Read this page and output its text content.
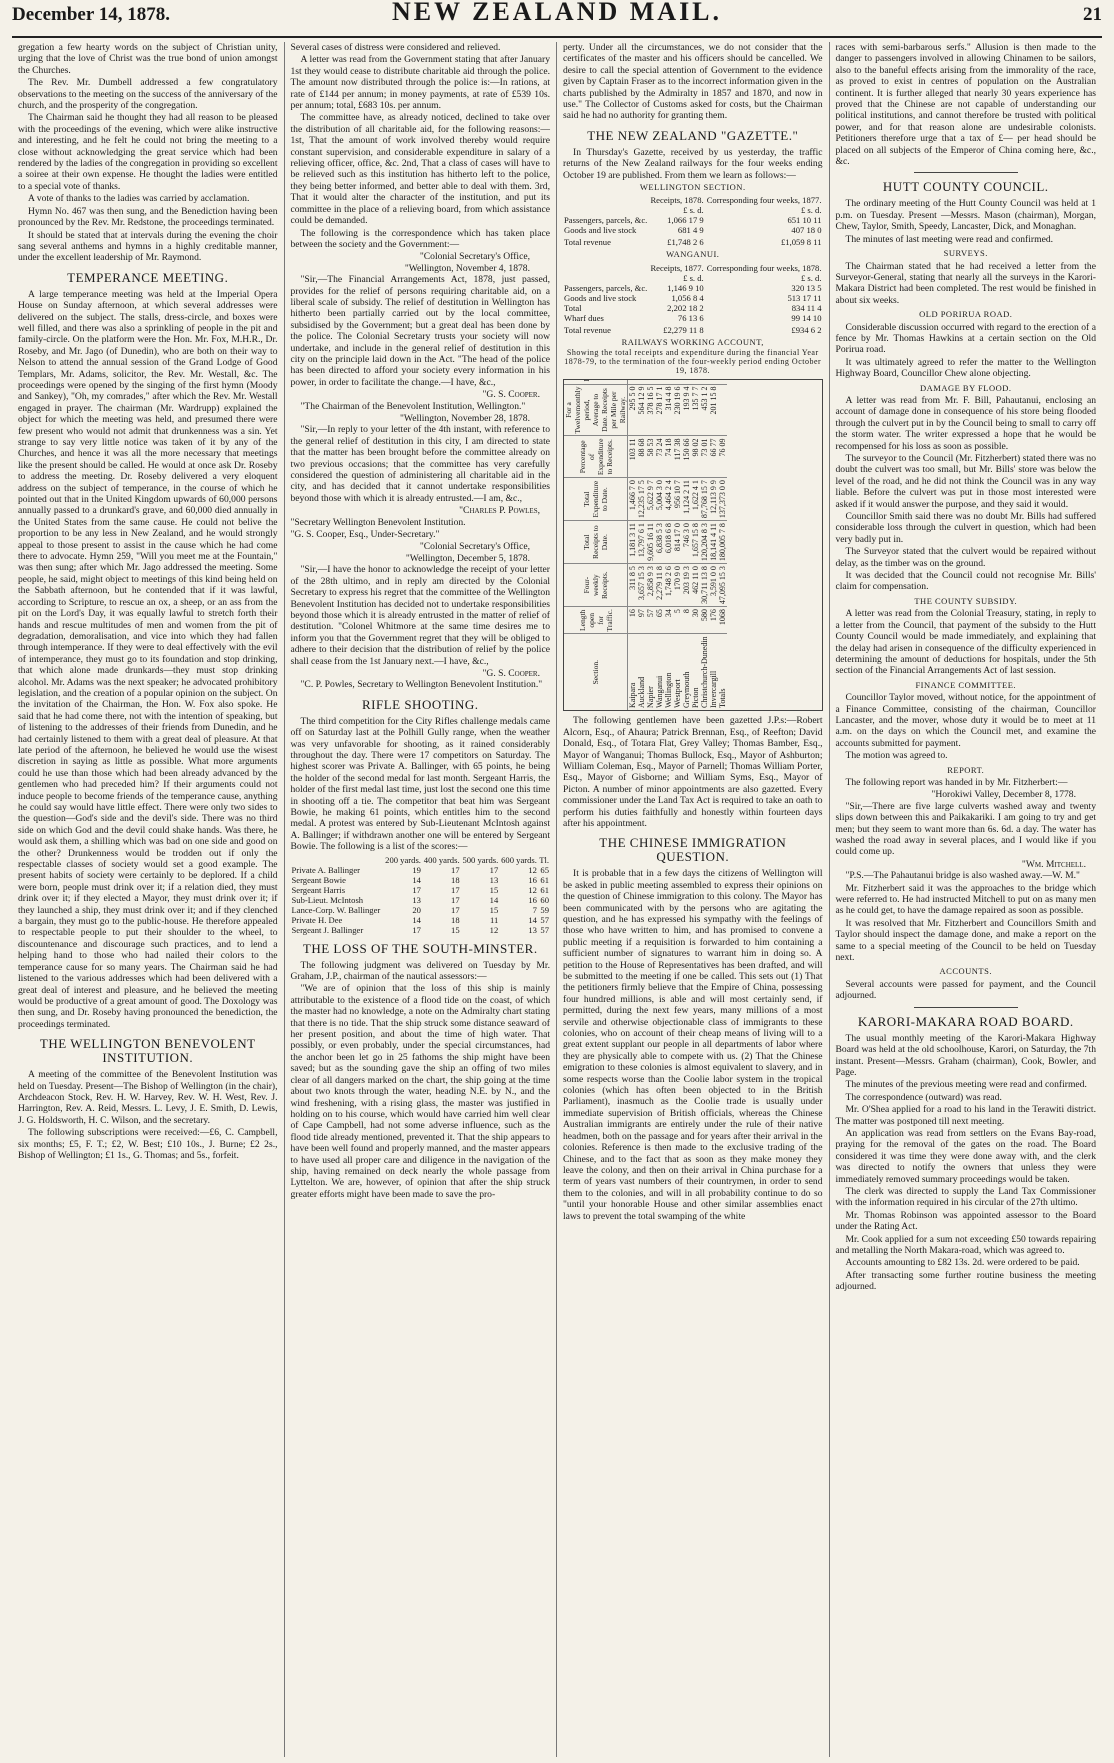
December 14, 1878.	NEW ZEALAND MAIL.	21

gregation a few hearty words on the subject of Christian unity, urging that the love of Christ was the true bond of union amongst the Churches.

The Rev. Mr. Dumbell addressed a few congratulatory observations to the meeting on the success of the anniversary of the church, and the prosperity of the congregation.

The Chairman said he thought they had all reason to be pleased with the proceedings of the evening, which were alike instructive and interesting, and he felt he could not bring the meeting to a close without acknowledging the great service which had been rendered by the ladies of the congregation in providing so excellent a soiree at their own expense. He thought the ladies were entitled to a special vote of thanks.

A vote of thanks to the ladies was carried by acclamation.

Hymn No. 467 was then sung, and the Benediction having been pronounced by the Rev. Mr. Redstone, the proceedings terminated.

It should be stated that at intervals during the evening the choir sang several anthems and hymns in a highly creditable manner, under the excellent leadership of Mr. Raymond.

TEMPERANCE MEETING.

A large temperance meeting was held at the Imperial Opera House on Sunday afternoon, at which several addresses were delivered on the subject. The stalls, dress-circle, and boxes were well filled, and there was also a sprinkling of people in the pit and family-circle. On the platform were the Hon. Mr. Fox, M.H.R., Dr. Roseby, and Mr. Jago (of Dunedin), who are both on their way to Nelson to attend the annual session of the Grand Lodge of Good Templars, Mr. Adams, solicitor, the Rev. Mr. Westall, &c. The proceedings were opened by the singing of the first hymn (Moody and Sankey), "Oh, my comrades," after which the Rev. Mr. Westall engaged in prayer. The chairman (Mr. Wardrupp) explained the object for which the meeting was held, and presumed there were few present who would not admit that drunkenness was a sin. Yet strange to say very little notice was taken of it by any of the Churches, and hence it was all the more necessary that meetings like the present should be called. He would at once ask Dr. Roseby to address the meeting. Dr. Roseby delivered a very eloquent address on the subject of temperance, in the course of which he pointed out that in the United Kingdom upwards of 60,000 persons annually passed to a drunkard's grave, and 60,000 died annually in the United States from the same cause. He could not belive the proportion to be any less in New Zealand, and he would strongly appeal to those present to assist in the cause which he had come there to advocate. Hymn 259, "Will you meet me at the Fountain," was then sung; after which Mr. Jago addressed the meeting. Some people, he said, might object to meetings of this kind being held on the Sabbath afternoon, but he contended that if it was lawful, according to Scripture, to rescue an ox, a sheep, or an ass from the pit on the Lord's Day, it was equally lawful to stretch forth their hands and rescue multitudes of men and women from the pit of degradation, demoralisation, and vice into which they had fallen through intemperance. If they were to deal effectively with the evil of intemperance, they must go to its foundation and stop drinking, that which alone made drunkards—they must stop drinking alcohol. Mr. Adams was the next speaker; he advocated prohibitory legislation, and the creation of a popular opinion on the subject. On the invitation of the Chairman, the Hon. W. Fox also spoke. He said that he had come there, not with the intention of speaking, but of listening to the addresses of their friends from Dunedin, and he had certainly listened to them with a great deal of pleasure. At that late period of the afternoon, he believed he would use the wisest discretion in saying as little as possible. What more arguments could he use than those which had been already advanced by the gentlemen who had preceded him? If their arguments could not induce people to become friends of the temperance cause, anything he could say would have little effect. There were only two sides to the question—God's side and the devil's side. There was no third side on which God and the devil could shake hands. Was there, he would ask them, a shilling which was bad on one side and good on the other? Drunkenness would be trodden out if only the respectable classes of society would set a good example. The present habits of society were certainly to be deplored. If a child were born, people must drink over it; if a relation died, they must drink over it; if they elected a Mayor, they must drink over it; if they launched a ship, they must drink over it; and if they clenched a bargain, they must go to the public-house. He therefore appealed to respectable people to put their shoulder to the wheel, to discountenance and discourage such practices, and to lend a helping hand to those who had nailed their colors to the temperance cause for so many years. The Chairman said he had listened to the various addresses which had been delivered with a great deal of interest and pleasure, and he believed the meeting would be productive of a great amount of good. The Doxology was then sung, and Dr. Roseby having pronounced the benediction, the proceedings terminated.

THE WELLINGTON BENEVOLENT INSTITUTION.

A meeting of the committee of the Benevolent Institution was held on Tuesday. Present—The Bishop of Wellington (in the chair), Archdeacon Stock, Rev. H. W. Harvey, Rev. W. H. West, Rev. J. Harrington, Rev. A. Reid, Messrs. L. Levy, J. E. Smith, D. Lewis, J. G. Holdsworth, H. C. Wilson, and the secretary.

The following subscriptions were received:—£6, C. Campbell, six months; £5, F. T.; £2, W. Best; £10 10s., J. Burne; £2 2s., Bishop of Wellington; £1 1s., G. Thomas; and 5s., forfeit.

Several cases of distress were considered and relieved.

A letter was read from the Government stating that after January 1st they would cease to distribute charitable aid through the police. The amount now distributed through the police is:—In rations, at rate of £144 per annum; in money payments, at rate of £539 10s. per annum; total, £683 10s. per annum.

The committee have, as already noticed, declined to take over the distribution of all charitable aid, for the following reasons:—1st, That the amount of work involved thereby would require constant supervision, and considerable expenditure in salary of a relieving officer, office, &c. 2nd, That a class of cases will have to be relieved such as this institution has hitherto left to the police, they being better informed, and better able to deal with them. 3rd, That it would alter the character of the institution, and put its committee in the place of a relieving board, from which assistance could be demanded.

The following is the correspondence which has taken place between the society and the Government:—

"Colonial Secretary's Office,
"Wellington, November 4, 1878.

"Sir,—The Financial Arrangements Act, 1878, just passed, provides for the relief of persons requiring charitable aid, on a liberal scale of subsidy. The relief of destitution in Wellington has hitherto been partially carried out by the local committee, subsidised by the Government; but a great deal has been done by the police. The Colonial Secretary trusts your society will now undertake, and include in the general relief of destitution in this city on the principle laid down in the Act. "The head of the police has been directed to afford your society every information in his power, in order to facilitate the change.—I have, &c.,

"G. S. Cooper.

"The Chairman of the Benevolent Institution, Wellington."

"Wellington, November 28, 1878.

"Sir,—In reply to your letter of the 4th instant, with reference to the general relief of destitution in this city, I am directed to state that the matter has been brought before the committee already on two previous occasions; that the committee has very carefully considered the question of administering all charitable aid in the city, and has decided that it cannot undertake responsibilities beyond those with which it is already entrusted.—I am, &c.,

"Charles P. Powles,

"Secretary Wellington Benevolent Institution.

"G. S. Cooper, Esq., Under-Secretary."

"Colonial Secretary's Office,
"Wellington, December 5, 1878.

"Sir,—I have the honor to acknowledge the receipt of your letter of the 28th ultimo, and in reply am directed by the Colonial Secretary to express his regret that the committee of the Wellington Benevolent Institution has decided not to undertake responsibilities beyond those which it is already entrusted in the matter of relief of destitution. "Colonel Whitmore at the same time desires me to inform you that the Government regret that they will be obliged to adhere to their decision that the distribution of relief by the police shall cease from the 1st January next.—I have, &c.,

"G. S. Cooper.

"C. P. Powles, Secretary to Wellington Benevolent Institution."

RIFLE SHOOTING.

The third competition for the City Rifles challenge medals came off on Saturday last at the Polhill Gully range, when the weather was very unfavorable for shooting, as it rained considerably throughout the day. There were 17 competitors on Saturday. The highest scorer was Private A. Ballinger, with 65 points, he being the holder of the second medal for last month. Sergeant Harris, the holder of the first medal last time, just lost the second one this time in shooting off a tie. The competitor that beat him was Sergeant Bowie, he making 61 points, which entitles him to the second medal. A protest was entered by Sub-Lieutenant McIntosh against A. Ballinger; if withdrawn another one will be entered by Sergeant Bowie. The following is a list of the scores:—

	200 yards.	400 yards.	500 yards.	600 yards.	Tl.
Private A. Ballinger	19	17	17	12	65
Sergeant Bowie	14	18	13	16	61
Sergeant Harris	17	17	15	12	61
Sub-Lieut. McIntosh	13	17	14	16	60
Lance-Corp. W. Ballinger	20	17	15	7	59
Private H. Dee	14	18	11	14	57
Sergeant J. Ballinger	17	15	12	13	57
THE LOSS OF THE SOUTH-MINSTER.

The following judgment was delivered on Tuesday by Mr. Graham, J.P., chairman of the nautical assessors:—

"We are of opinion that the loss of this ship is mainly attributable to the existence of a flood tide on the coast, of which the master had no knowledge, a note on the Admiralty chart stating that there is no tide. That the ship struck some distance seaward of her present position, and about the time of high water. That possibly, or even probably, under the special circumstances, had the anchor been let go in 25 fathoms the ship might have been saved; but as the sounding gave the ship an offing of two miles clear of all dangers marked on the chart, the ship going at the time about two knots through the water, heading N.E. by N., and the wind freshening, with a rising glass, the master was justified in holding on to his course, which would have carried him well clear of Cape Campbell, had not some adverse influence, such as the flood tide already mentioned, prevented it. That the ship appears to have been well found and properly manned, and the master appears to have used all proper care and diligence in the navigation of the ship, having remained on deck nearly the whole passage from Lyttelton. We are, however, of opinion that after the ship struck greater efforts might have been made to save the pro-

perty. Under all the circumstances, we do not consider that the certificates of the master and his officers should be cancelled. We desire to call the special attention of Government to the evidence given by Captain Fraser as to the incorrect information given in the charts published by the Admiralty in 1857 and 1870, and now in use." The Collector of Customs asked for costs, but the Chairman said he had no authority for granting them.

THE NEW ZEALAND "GAZETTE."

In Thursday's Gazette, received by us yesterday, the traffic returns of the New Zealand railways for the four weeks ending October 19 are published. From them we learn as follows:—

WELLINGTON SECTION.
	Receipts, 1878.	Corresponding four weeks, 1877.
	£ s. d.	£ s. d.
Passengers, parcels, &c.	1,066 17 9	651 10 11
Goods and live stock	681 4 9	407 18 0
Total revenue	£1,748 2 6	£1,059 8 11
WANGANUI.
	Receipts, 1877.	Corresponding four weeks, 1878.
	£ s. d.	£ s. d.
Passengers, parcels, &c.	1,146 9 10	320 13 5
Goods and live stock	1,056 8 4	513 17 11
Total	2,202 18 2	834 11 4
Wharf dues	76 13 6	99 14 10
Total revenue	£2,279 11 8	£934 6 2
RAILWAYS WORKING ACCOUNT,
Showing the total receipts and expenditure during the financial Year 1878-79, to the termination of the four-weekly period ending October 19, 1878.
Section.	Length open for Traffic.	Four-weekly Receipts.	Total Receipts to Date.	Total Expenditure to Date.	Percentage of Expenditure to Receipts.	For a Twelvemonthly period, Average to Date. Receipts per Mile per Railway.	
Kaipara	16	311 8 5	1,181 3 11	1,466 7 0	103 11	295 5 0	
Auckland	97	3,657 15 3	13,797 6 1	12,235 17 5	88 68	564 12 9	
Napier	57	2,858 9 3	9,605 16 11	5,622 9 7	58 53	378 16 5	
Wanganui	65	2,279 11 8	6,838 5 3	5,004 3 0	73 24	278 17 1	
Wellington	34	1,748 2 6	6,018 6 8	4,464 2 4	74 18	314 4 8	
Westport	5	170 9 0	814 17 0	956 10 7	117 38	230 19 6	
Greymouth	8	203 19 3	746 3 0	1,124 2 11	150 66	193 9 4	
Picton	30	462 11 0	1,657 15 8	1,622 4 1	98 02	135 7 7	
Christchurch-Dunedin	580	30,711 13 8	120,204 8 3	87,768 15 7	73 01	453 1 2	
Invercargill	176	3,591 0 0	18,141 4 11	12,113 9 9	66 77	201 15 8	
Totals	1068	47,095 15 3	180,005 7 8	137,373 0 0	76 09		

The following gentlemen have been gazetted J.P.s:—Robert Alcorn, Esq., of Ahaura; Patrick Brennan, Esq., of Reefton; David Donald, Esq., of Totara Flat, Grey Valley; Thomas Bamber, Esq., Mayor of Wanganui; Thomas Bullock, Esq., Mayor of Ashburton; William Coleman, Esq., Mayor of Parnell; Thomas William Porter, Esq., Mayor of Gisborne; and William Syms, Esq., Mayor of Picton. A number of minor appointments are also gazetted. Every commissioner under the Land Tax Act is required to take an oath to perform his duties faithfully and honestly within fourteen days after his appointment.

THE CHINESE IMMIGRATION QUESTION.

It is probable that in a few days the citizens of Wellington will be asked in public meeting assembled to express their opinions on the question of Chinese immigration to this colony. The Mayor has been communicated with by the persons who are agitating the question, and he has expressed his sympathy with the feelings of those who have written to him, and has promised to convene a public meeting if a requisition is forwarded to him containing a sufficient number of signatures to warrant him in doing so. A petition to the House of Representatives has been drafted, and will be submitted to the meeting if one be called. This sets out (1) That the petitioners firmly believe that the Empire of China, possessing four hundred millions, is able and will most certainly send, if permitted, during the next few years, many millions of a most servile and otherwise objectionable class of immigrants to these colonies, who on account of their cheap means of living will to a great extent supplant our people in all departments of labor where they are physically able to compete with us. (2) That the Chinese emigration to these colonies is almost equivalent to slavery, and in some respects worse than the Coolie labor system in the tropical colonies (which has often been objected to in the British Parliament), inasmuch as the Coolie trade is usually under immediate supervision of British officials, whereas the Chinese Australian immigrants are entirely under the rule of their native headmen, both on the passage and for years after their arrival in the colonies. Reference is then made to the exclusive trading of the Chinese, and to the fact that as soon as they make money they leave the colony, and then on their arrival in China purchase for a term of years vast numbers of their countrymen, in order to send them to the colonies, and will in all probability continue to do so "until your honorable House and other similar assemblies enact laws to prevent the total swamping of the white

races with semi-barbarous serfs." Allusion is then made to the danger to passengers involved in allowing Chinamen to be sailors, also to the baneful effects arising from the immorality of the race, as proved to exist in centres of population on the Australian continent. It is further alleged that nearly 30 years experience has proved that the Chinese are not capable of understanding our political institutions, and cannot therefore be trusted with political power, and for that reason alone are undesirable colonists. Petitioners therefore urge that a tax of £— per head should be placed on all subjects of the Emperor of China coming here, &c., &c.

HUTT COUNTY COUNCIL.

The ordinary meeting of the Hutt County Council was held at 1 p.m. on Tuesday. Present —Messrs. Mason (chairman), Morgan, Chew, Taylor, Smith, Speedy, Lancaster, Dick, and Monaghan.

The minutes of last meeting were read and confirmed.

SURVEYS.

The Chairman stated that he had received a letter from the Surveyor-General, stating that nearly all the surveys in the Karori-Makara District had been completed. The rest would be finished in about six weeks.

OLD PORIRUA ROAD.

Considerable discussion occurred with regard to the erection of a fence by Mr. Thomas Hawkins at a certain section on the Old Porirua road.

It was ultimately agreed to refer the matter to the Wellington Highway Board, Councillor Chew alone objecting.

DAMAGE BY FLOOD.

A letter was read from Mr. F. Bill, Pahautanui, enclosing an account of damage done in consequence of his store being flooded through the culvert put in by the Council being to small to carry off the storm water. The writer expressed a hope that he would be recompensed for his loss as soon as possible.

The surveyor to the Council (Mr. Fitzherbert) stated there was no doubt the culvert was too small, but Mr. Bills' store was below the level of the road, and he did not think the Council was in any way liable. Before the culvert was put in those most interested were asked if it would answer the purpose, and they said it would.

Councillor Smith said there was no doubt Mr. Bills had suffered considerable loss through the culvert in question, which had been very badly put in.

The Surveyor stated that the culvert would be repaired without delay, as the timber was on the ground.

It was decided that the Council could not recognise Mr. Bills' claim for compensation.

THE COUNTY SUBSIDY.

A letter was read from the Colonial Treasury, stating, in reply to a letter from the Council, that payment of the subsidy to the Hutt County Council would be made immediately, and explaining that the delay had arisen in consequence of the difficulty experienced in determining the amount of deductions for hospitals, under the 5th section of the Financial Arrangements Act of last session.

FINANCE COMMITTEE.

Councillor Taylor moved, without notice, for the appointment of a Finance Committee, consisting of the chairman, Councillor Lancaster, and the mover, whose duty it would be to meet at 11 a.m. on the days on which the Council met, and examine the accounts submitted for payment.

The motion was agreed to.

REPORT.

The following report was handed in by Mr. Fitzherbert:—

"Horokiwi Valley, December 8, 1778.

"Sir,—There are five large culverts washed away and twenty slips down between this and Paikakariki. I am going to try and get men; but they seem to want more than 6s. 6d. a day. The water has washed the road away in several places, and I would like if you could come up.

"Wm. Mitchell.

"P.S.—The Pahautanui bridge is also washed away.—W. M."

Mr. Fitzherbert said it was the approaches to the bridge which were referred to. He had instructed Mitchell to put on as many men as he could get, to have the damage repaired as soon as possible.

It was resolved that Mr. Fitzherbert and Councillors Smith and Taylor should inspect the damage done, and make a report on the same to a special meeting of the Council to be held on Tuesday next.

ACCOUNTS.

Several accounts were passed for payment, and the Council adjourned.

KARORI-MAKARA ROAD BOARD.

The usual monthly meeting of the Karori-Makara Highway Board was held at the old schoolhouse, Karori, on Saturday, the 7th instant. Present—Messrs. Graham (chairman), Cook, Bowler, and Page.

The minutes of the previous meeting were read and confirmed.

The correspondence (outward) was read.

Mr. O'Shea applied for a road to his land in the Terawiti district. The matter was postponed till next meeting.

An application was read from settlers on the Evans Bay-road, praying for the removal of the gates on the road. The Board considered it was time they were done away with, and the clerk was directed to notify the owners that unless they were immediately removed summary proceedings would be taken.

The clerk was directed to supply the Land Tax Commissioner with the information required in his circular of the 27th ultimo.

Mr. Thomas Robinson was appointed assessor to the Board under the Rating Act.

Mr. Cook applied for a sum not exceeding £50 towards repairing and metalling the North Makara-road, which was agreed to.

Accounts amounting to £82 13s. 2d. were ordered to be paid.

After transacting some further routine business the meeting adjourned.
